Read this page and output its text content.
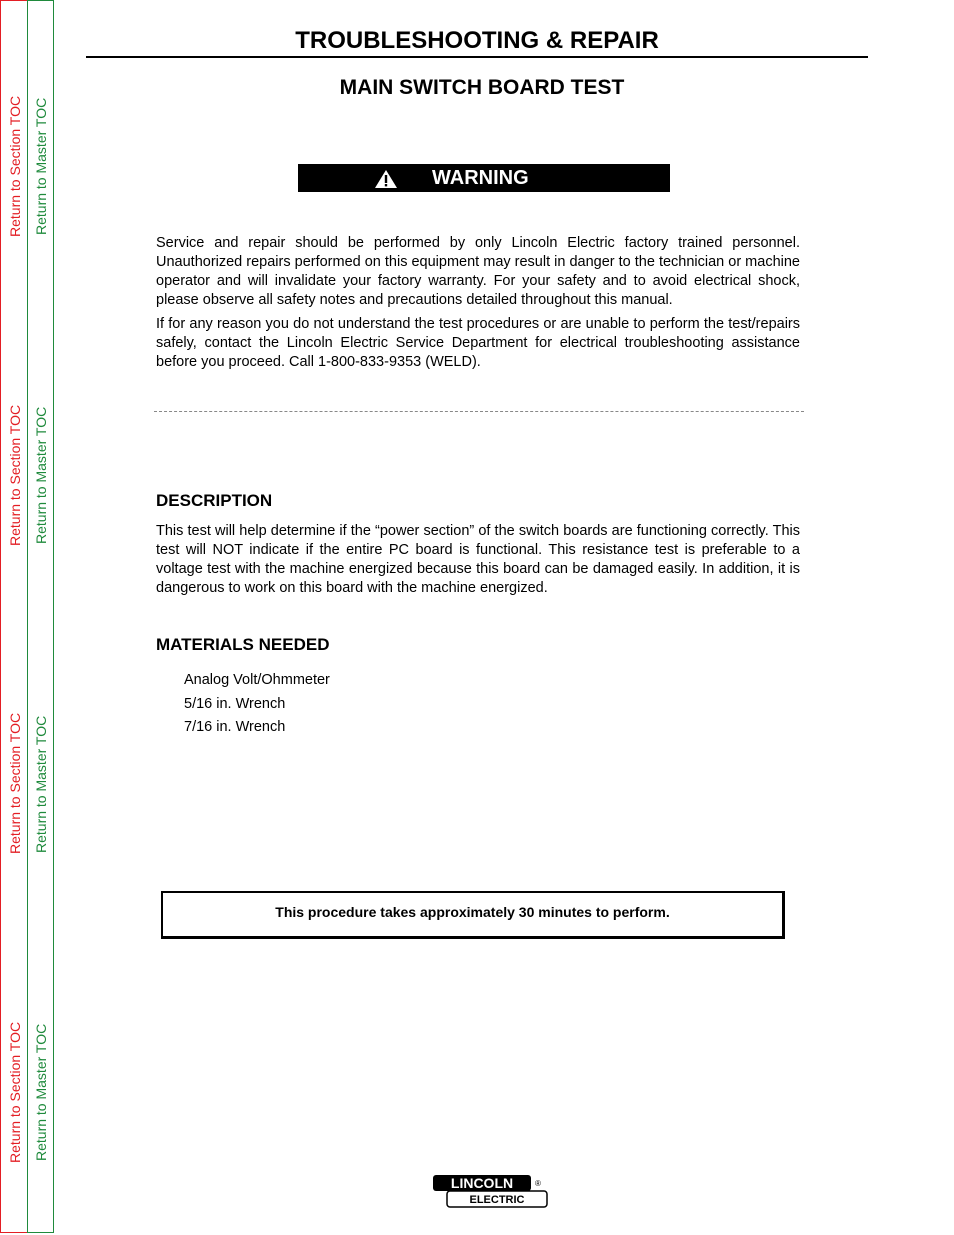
Return to Section TOC
Return to Section TOC
Return to Section TOC
Return to Section TOC
Return to Master TOC
Return to Master TOC
Return to Master TOC
Return to Master TOC
TROUBLESHOOTING & REPAIR
MAIN SWITCH BOARD TEST
WARNING

Service and repair should be performed by only Lincoln Electric factory trained personnel. Unauthorized repairs performed on this equipment may result in danger to the technician or machine operator and will invalidate your factory warranty. For your safety and to avoid electrical shock, please observe all safety notes and precautions detailed throughout this manual.

If for any reason you do not understand the test procedures or are unable to perform the test/repairs safely, contact the Lincoln Electric Service Department for electrical troubleshooting assistance before you proceed. Call 1-800-833-9353 (WELD).

DESCRIPTION

This test will help determine if the “power section” of the switch boards are functioning correctly. This test will NOT indicate if the entire PC board is functional. This resistance test is preferable to a voltage test with the machine energized because this board can be damaged easily. In addition, it is dangerous to work on this board with the machine energized.

MATERIALS NEEDED
Analog Volt/Ohmmeter
5/16 in. Wrench
7/16 in. Wrench
This procedure takes approximately 30 minutes to perform.
LINCOLN
ELECTRIC
®
